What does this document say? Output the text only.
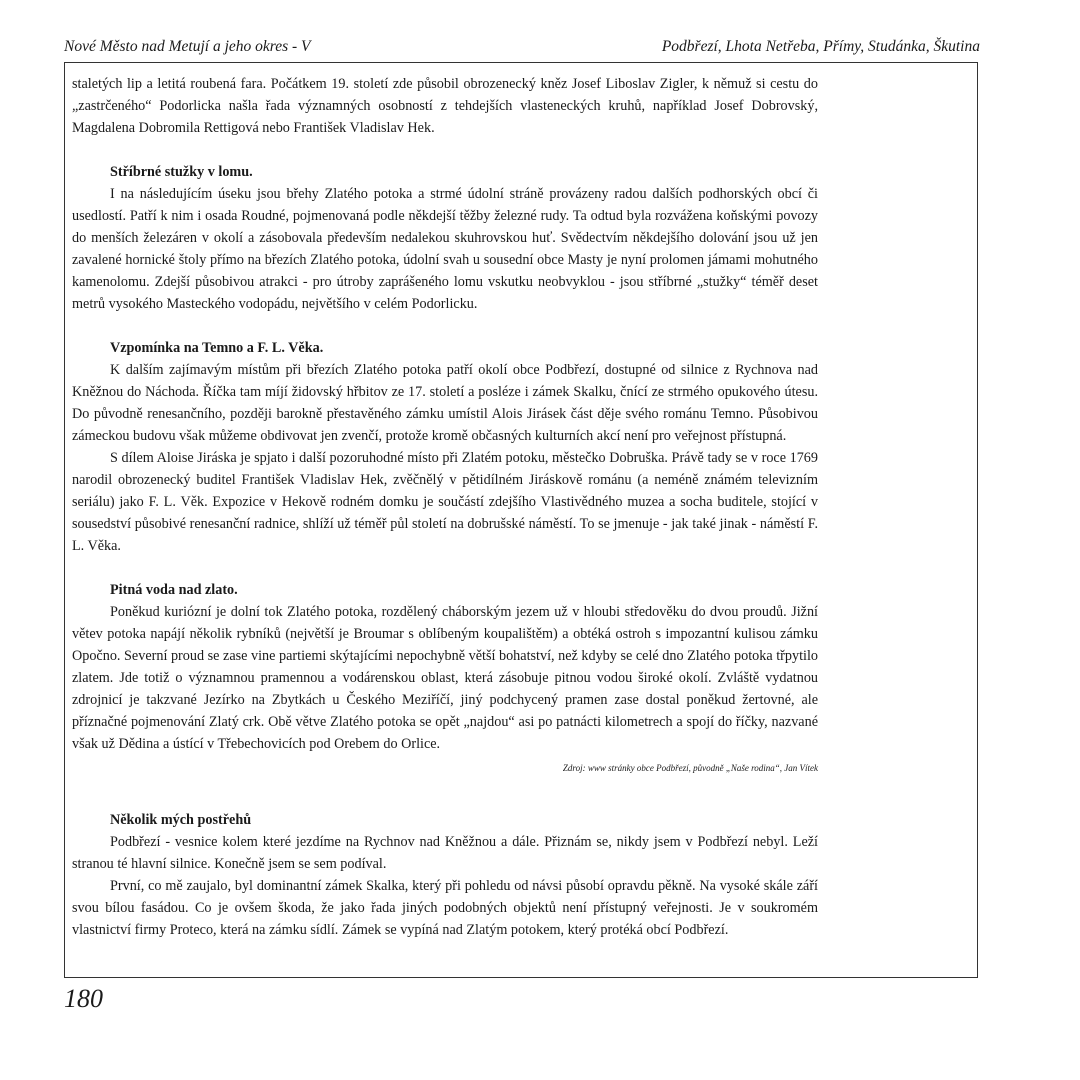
Nové Město nad Metují a jeho okres - V	Podbřezí, Lhota Netřeba, Přímy, Studánka, Škutina

staletých lip a letitá roubená fara. Počátkem 19. století zde působil obrozenecký kněz Josef Liboslav Zigler, k němuž si cestu do „zastrčeného“ Podorlicka našla řada významných osobností z tehdejších vlasteneckých kruhů, například Josef Dobrovský, Magdalena Dobromila Rettigová nebo František Vladislav Hek.

Stříbrné stužky v lomu.

I na následujícím úseku jsou břehy Zlatého potoka a strmé údolní stráně provázeny radou dalších podhorských obcí či usedlostí. Patří k nim i osada Roudné, pojmenovaná podle někdejší těžby železné rudy. Ta odtud byla rozvážena koňskými povozy do menších železáren v okolí a zásobovala především nedalekou skuhrovskou huť. Svědectvím někdejšího dolování jsou už jen zavalené hornické štoly přímo na březích Zlatého potoka, údolní svah u sousední obce Masty je nyní prolomen jámami mohutného kamenolomu. Zdejší působivou atrakci - pro útroby zaprášeného lomu vskutku neobvyklou - jsou stříbrné „stužky“ téměř deset metrů vysokého Masteckého vodopádu, největšího v celém Podorlicku.

Vzpomínka na Temno a F. L. Věka.

K dalším zajímavým místům při březích Zlatého potoka patří okolí obce Podbřezí, dostupné od silnice z Rychnova nad Kněžnou do Náchoda. Říčka tam míjí židovský hřbitov ze 17. století a posléze i zámek Skalku, čnící ze strmého opukového útesu. Do původně renesančního, později barokně přestavěného zámku umístil Alois Jirásek část děje svého románu Temno. Působivou zámeckou budovu však můžeme obdivovat jen zvenčí, protože kromě občasných kulturních akcí není pro veřejnost přístupná.

S dílem Aloise Jiráska je spjato i další pozoruhodné místo při Zlatém potoku, městečko Dobruška. Právě tady se v roce 1769 narodil obrozenecký buditel František Vladislav Hek, zvěčnělý v pětidílném Jiráskově románu (a neméně známém televizním seriálu) jako F. L. Věk. Expozice v Hekově rodném domku je součástí zdejšího Vlastivědného muzea a socha buditele, stojící v sousedství působivé renesanční radnice, shlíží už téměř půl století na dobrušské náměstí. To se jmenuje - jak také jinak - náměstí F. L. Věka.

Pitná voda nad zlato.

Poněkud kuriózní je dolní tok Zlatého potoka, rozdělený cháborským jezem už v hloubi středověku do dvou proudů. Jižní větev potoka napájí několik rybníků (největší je Broumar s oblíbeným koupalištěm) a obtéká ostroh s impozantní kulisou zámku Opočno. Severní proud se zase vine partiemi skýtajícími nepochybně větší bohatství, než kdyby se celé dno Zlatého potoka třpytilo zlatem. Jde totiž o významnou pramennou a vodárenskou oblast, která zásobuje pitnou vodou široké okolí. Zvláště vydatnou zdrojnicí je takzvané Jezírko na Zbytkách u Českého Meziříčí, jiný podchycený pramen zase dostal poněkud žertovné, ale příznačné pojmenování Zlatý crk. Obě větve Zlatého potoka se opět „najdou“ asi po patnácti kilometrech a spojí do říčky, nazvané však už Dědina a ústící v Třebechovicích pod Orebem do Orlice.

Zdroj: www stránky obce Podbřezí, původně „Naše rodina“, Jan Vítek
Několik mých postřehů

Podbřezí - vesnice kolem které jezdíme na Rychnov nad Kněžnou a dále. Přiznám se, nikdy jsem v Podbřezí nebyl. Leží stranou té hlavní silnice. Konečně jsem se sem podíval.

První, co mě zaujalo, byl dominantní zámek Skalka, který při pohledu od návsi působí opravdu pěkně. Na vysoké skále září svou bílou fasádou. Co je ovšem škoda, že jako řada jiných podobných objektů není přístupný veřejnosti. Je v soukromém vlastnictví firmy Proteco, která na zámku sídlí. Zámek se vypíná nad Zlatým potokem, který protéká obcí Podbřezí.

180
